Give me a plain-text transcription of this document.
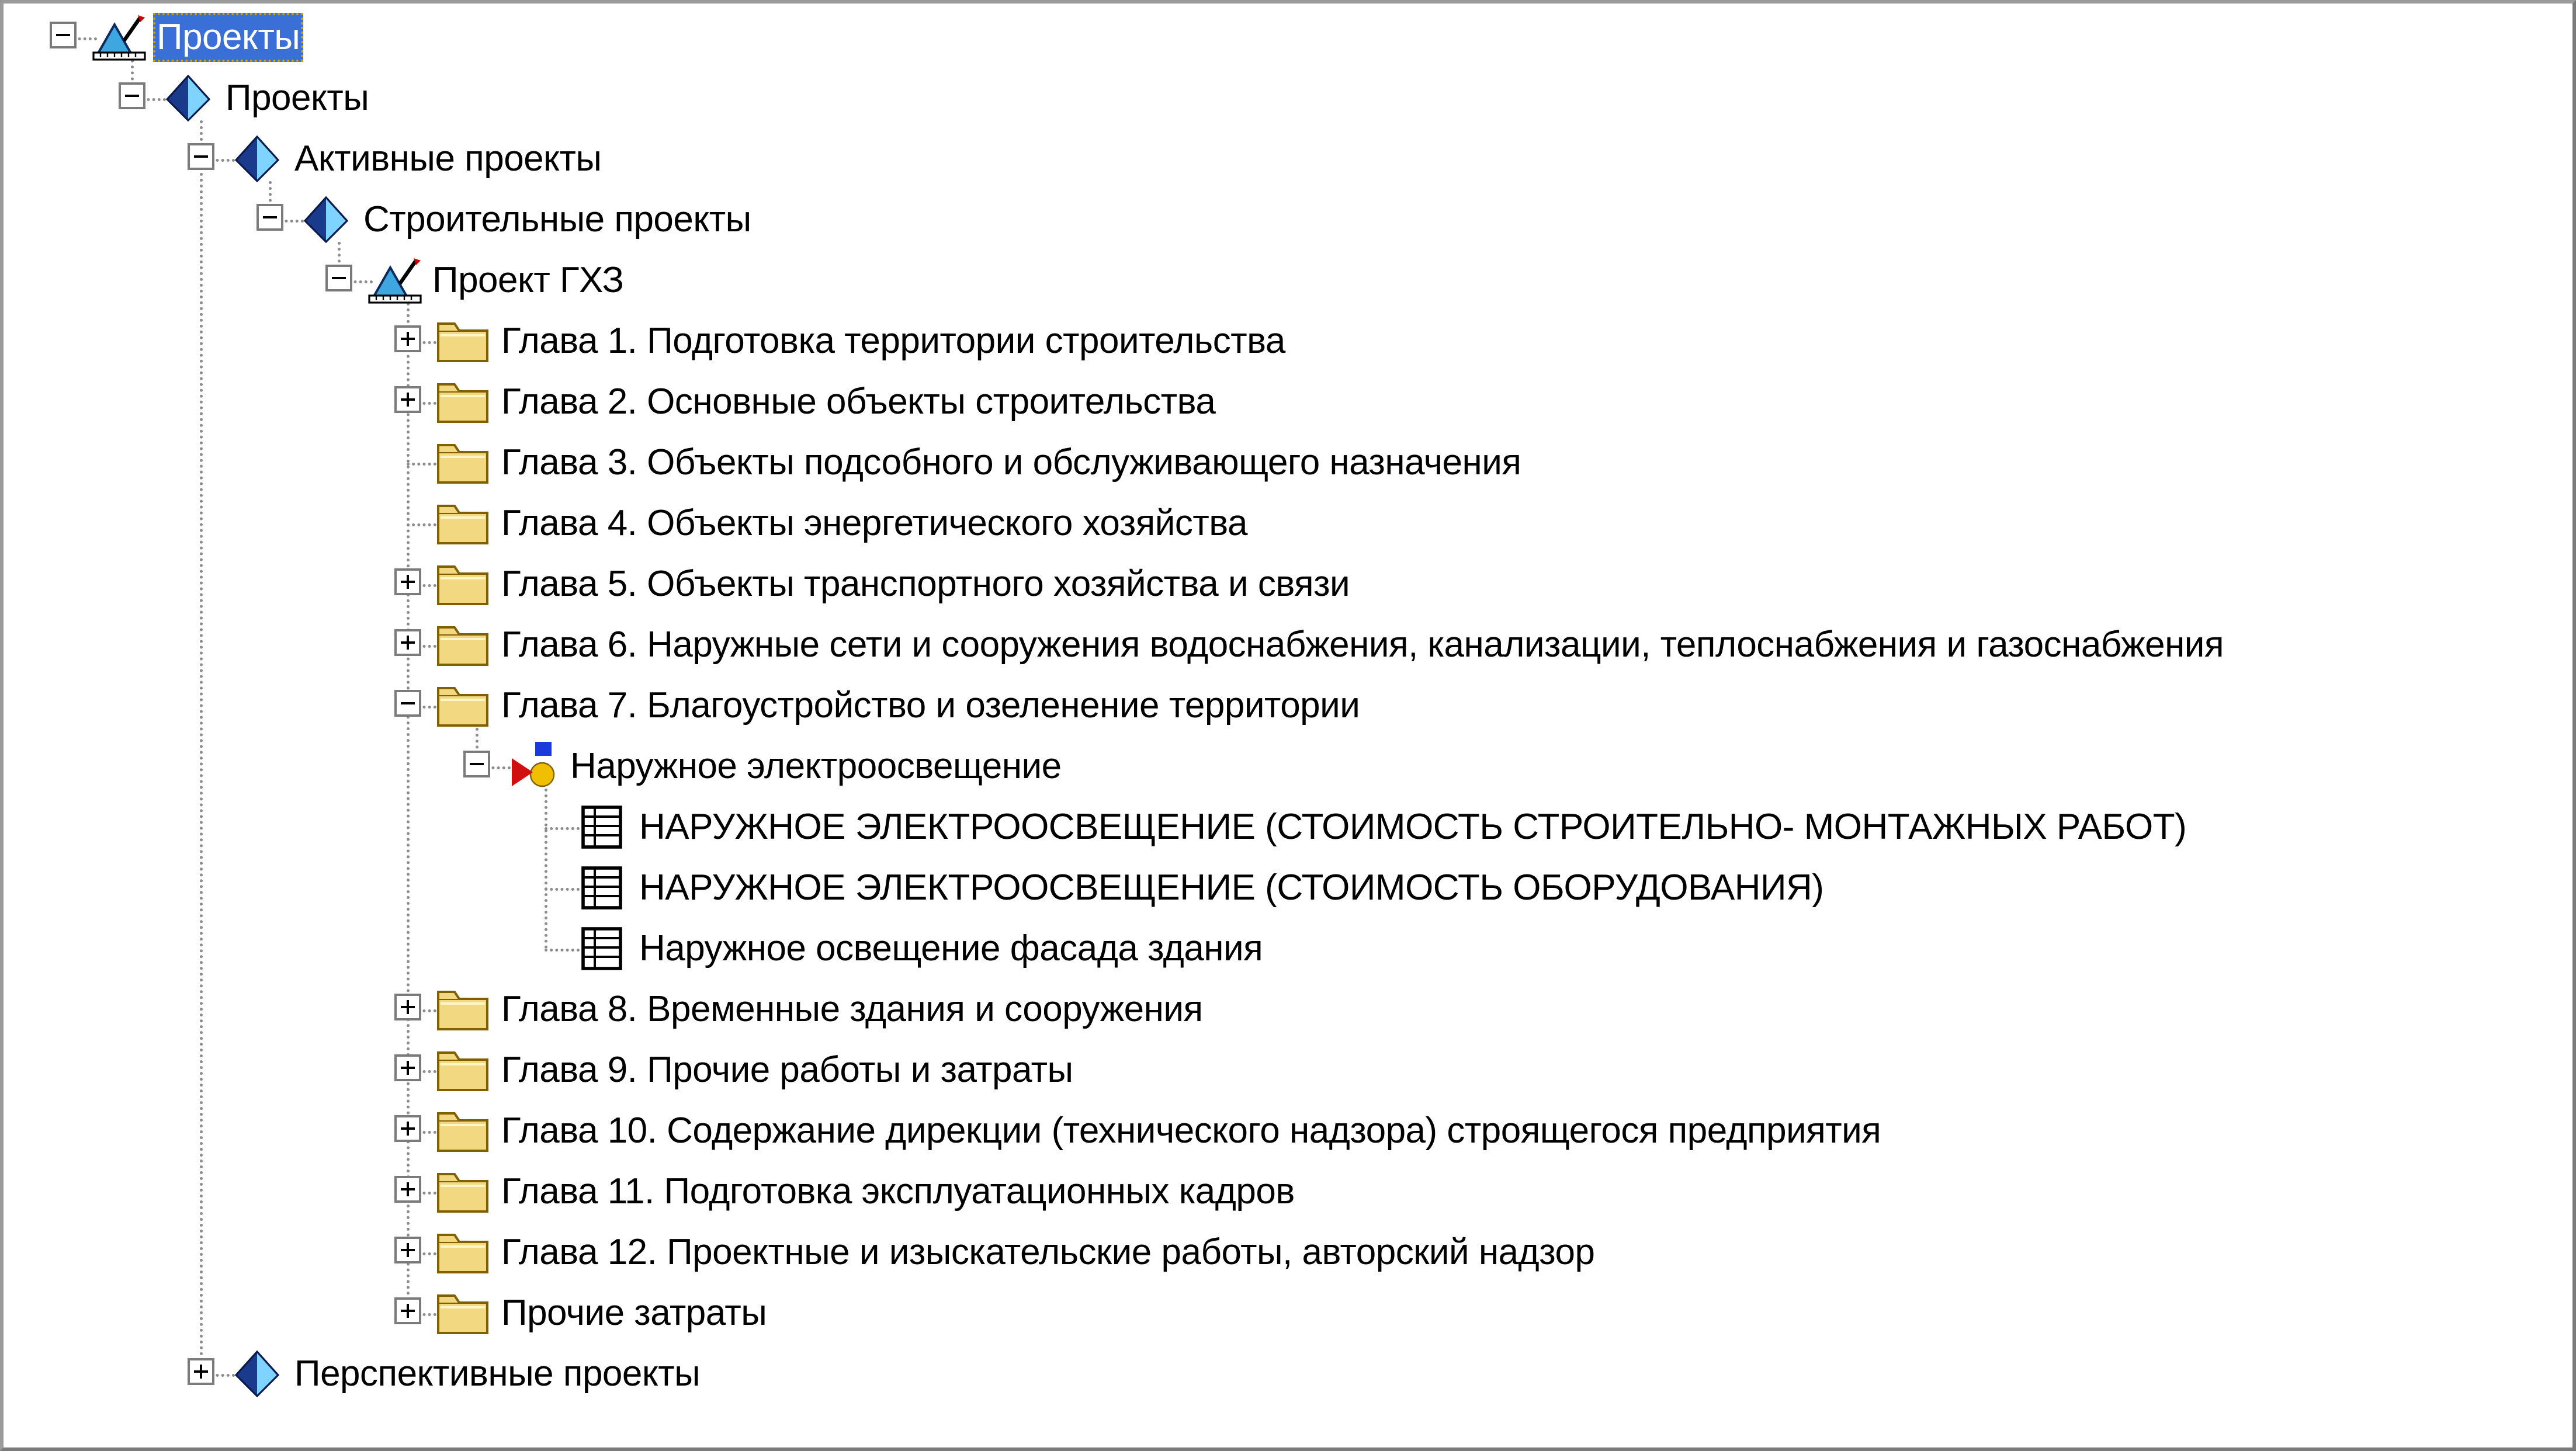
Проекты
Проекты
Активные проекты
Строительные проекты
Проект ГХЗ
Глава 1. Подготовка территории строительства
Глава 2. Основные объекты строительства
Глава 3. Объекты подсобного и обслуживающего назначения
Глава 4. Объекты энергетического хозяйства
Глава 5. Объекты транспортного хозяйства и связи
Глава 6. Наружные сети и сооружения водоснабжения, канализации, теплоснабжения и газоснабжения
Глава 7. Благоустройство и озеленение территории
Наружное электроосвещение
НАРУЖНОЕ ЭЛЕКТРООСВЕЩЕНИЕ (СТОИМОСТЬ СТРОИТЕЛЬНО- МОНТАЖНЫХ РАБОТ)
НАРУЖНОЕ ЭЛЕКТРООСВЕЩЕНИЕ (СТОИМОСТЬ ОБОРУДОВАНИЯ)
Наружное освещение фасада здания
Глава 8. Временные здания и сооружения
Глава 9. Прочие работы и затраты
Глава 10. Содержание дирекции (технического надзора) строящегося предприятия
Глава 11. Подготовка эксплуатационных кадров
Глава 12. Проектные и изыскательские работы, авторский надзор
Прочие затраты
Перспективные проекты
